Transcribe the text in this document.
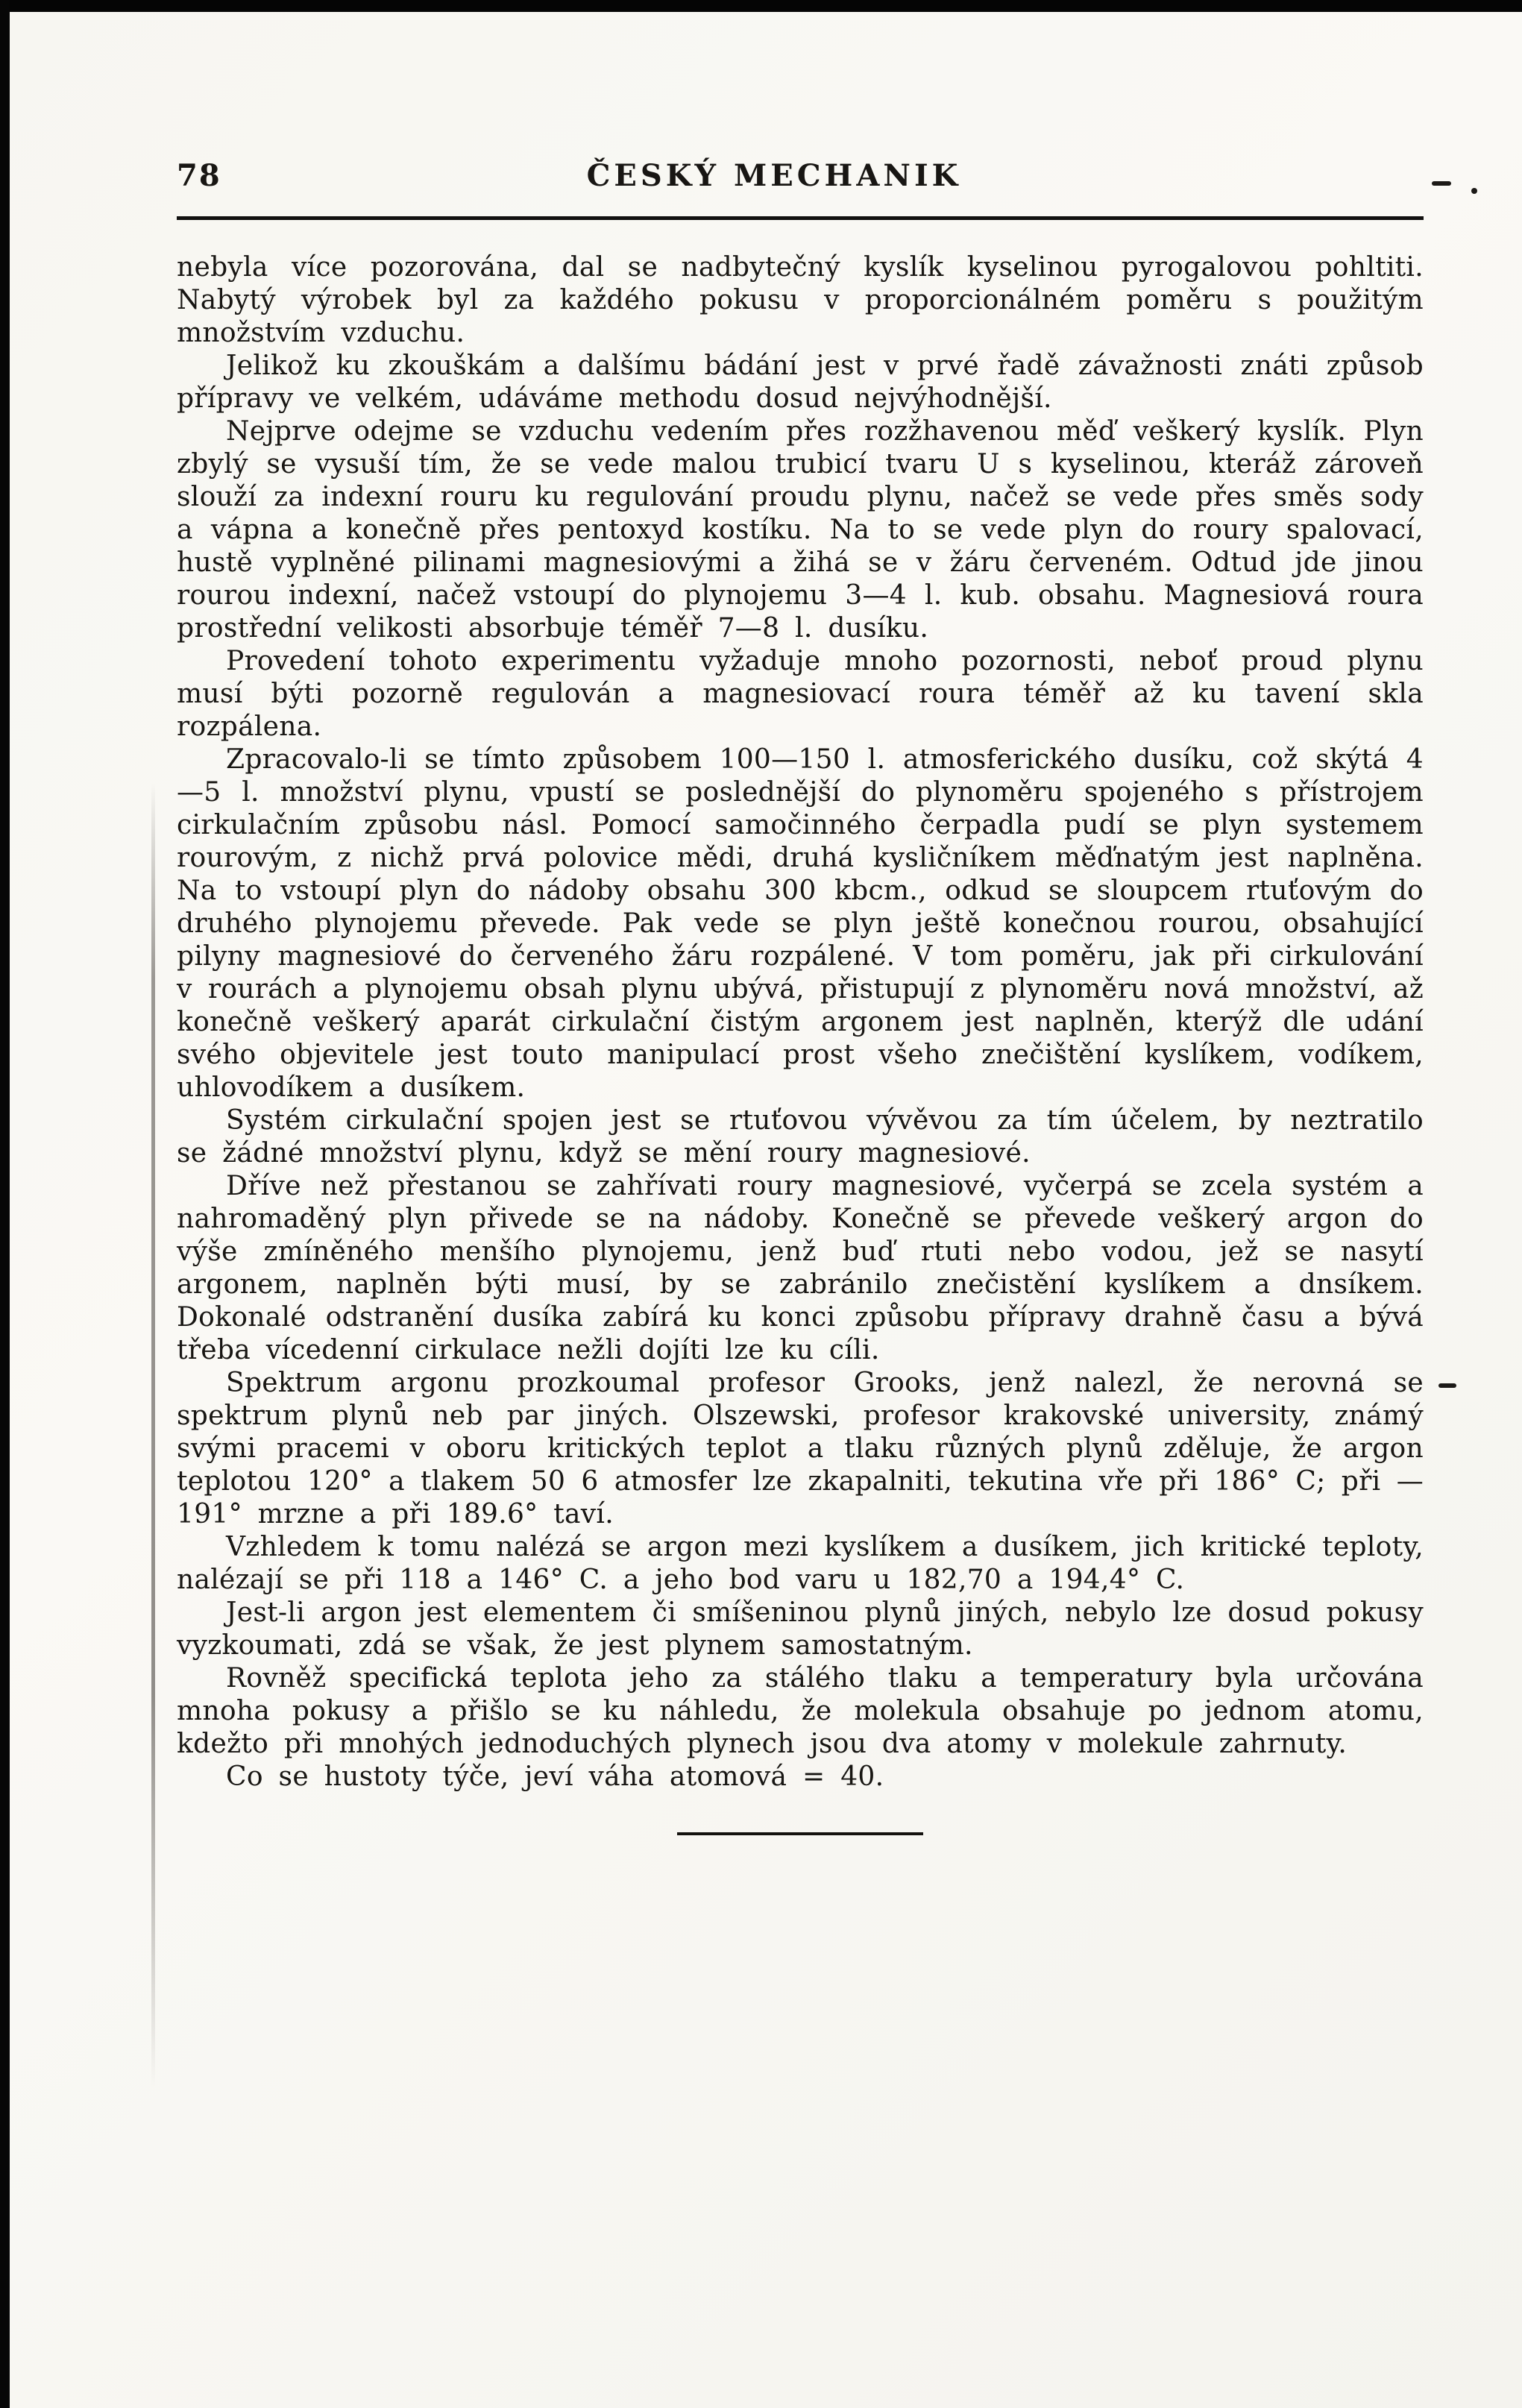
78	ČESKÝ MECHANIK

nebyla více pozorována, dal se nadbytečný kyslík kyselinou pyrogalovou pohltiti. Nabytý výrobek byl za každého pokusu v proporcionálném poměru s použitým množstvím vzduchu.

Jelikož ku zkouškám a dalšímu bádání jest v prvé řadě závažnosti znáti způsob přípravy ve velkém, udáváme methodu dosud nejvýhodnější.

Nejprve odejme se vzduchu vedením přes rozžhavenou měď veškerý kyslík. Plyn zbylý se vysuší tím, že se vede malou trubicí tvaru U s kyselinou, kteráž zároveň slouží za indexní rouru ku regulování proudu plynu, načež se vede přes směs sody a vápna a konečně přes pentoxyd kostíku. Na to se vede plyn do roury spalovací, hustě vyplněné pilinami magnesiovými a žihá se v žáru červeném. Odtud jde jinou rourou indexní, načež vstoupí do plynojemu 3—4 l. kub. obsahu. Magnesiová roura prostřední velikosti absorbuje téměř 7—8 l. dusíku.

Provedení tohoto experimentu vyžaduje mnoho pozornosti, neboť proud plynu musí býti pozorně regulován a magnesiovací roura téměř až ku tavení skla rozpálena.

Zpracovalo-li se tímto způsobem 100—150 l. atmosferického dusíku, což skýtá 4—5 l. množství plynu, vpustí se poslednější do plynoměru spojeného s přístrojem cirkulačním způsobu násl. Pomocí samočinného čerpadla pudí se plyn systemem rourovým, z nichž prvá polovice mědi, druhá kysličníkem měďnatým jest naplněna. Na to vstoupí plyn do nádoby obsahu 300 kbcm., odkud se sloupcem rtuťovým do druhého plynojemu převede. Pak vede se plyn ještě konečnou rourou, obsahující pilyny magnesiové do červeného žáru rozpálené. V tom poměru, jak při cirkulování v rourách a plynojemu obsah plynu ubývá, přistupují z plynoměru nová množství, až konečně veškerý aparát cirkulační čistým argonem jest naplněn, kterýž dle udání svého objevitele jest touto manipulací prost všeho znečištění kyslíkem, vodíkem, uhlovodíkem a dusíkem.

Systém cirkulační spojen jest se rtuťovou vývěvou za tím účelem, by neztratilo se žádné množství plynu, když se mění roury magnesiové.

Dříve než přestanou se zahřívati roury magnesiové, vyčerpá se zcela systém a nahromaděný plyn přivede se na nádoby. Konečně se převede veškerý argon do výše zmíněného menšího plynojemu, jenž buď rtuti nebo vodou, jež se nasytí argonem, naplněn býti musí, by se zabránilo znečistění kyslíkem a dnsíkem. Dokonalé odstranění dusíka zabírá ku konci způsobu přípravy drahně času a bývá třeba vícedenní cirkulace nežli dojíti lze ku cíli.

Spektrum argonu prozkoumal profesor Grooks, jenž nalezl, že nerovná se spektrum plynů neb par jiných. Olszewski, profesor krakovské university, známý svými pracemi v oboru kritických teplot a tlaku různých plynů zděluje, že argon teplotou 120° a tlakem 50 6 atmosfer lze zkapalniti, tekutina vře při 186° C; při — 191° mrzne a při 189.6° taví.

Vzhledem k tomu nalézá se argon mezi kyslíkem a dusíkem, jich kritické teploty, nalézají se při 118 a 146° C. a jeho bod varu u 182,70 a 194,4° C.

Jest-li argon jest elementem či smíšeninou plynů jiných, nebylo lze dosud pokusy vyzkoumati, zdá se však, že jest plynem samostatným.

Rovněž specifická teplota jeho za stálého tlaku a temperatury byla určována mnoha pokusy a přišlo se ku náhledu, že molekula obsahuje po jednom atomu, kdežto při mnohých jednoduchých plynech jsou dva atomy v molekule zahrnuty.

Co se hustoty týče, jeví váha atomová = 40.
